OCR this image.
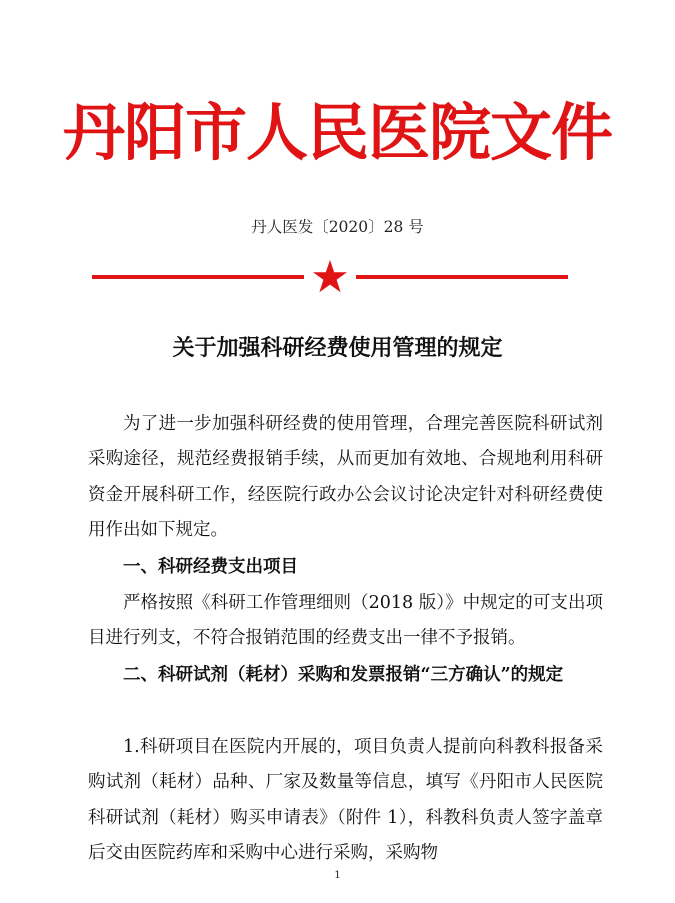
丹阳市人民医院文件
丹人医发〔2020〕28 号
关于加强科研经费使用管理的规定

为了进一步加强科研经费的使用管理，合理完善医院科研试剂采购途径，规范经费报销手续，从而更加有效地、合规地利用科研资金开展科研工作，经医院行政办公会议讨论决定针对科研经费使用作出如下规定。

一、科研经费支出项目

严格按照《科研工作管理细则（2018 版）》中规定的可支出项目进行列支，不符合报销范围的经费支出一律不予报销。

二、科研试剂（耗材）采购和发票报销“三方确认”的规定

1.科研项目在医院内开展的，项目负责人提前向科教科报备采购试剂（耗材）品种、厂家及数量等信息，填写《丹阳市人民医院科研试剂（耗材）购买申请表》（附件 1），科教科负责人签字盖章后交由医院药库和采购中心进行采购，采购物

1
